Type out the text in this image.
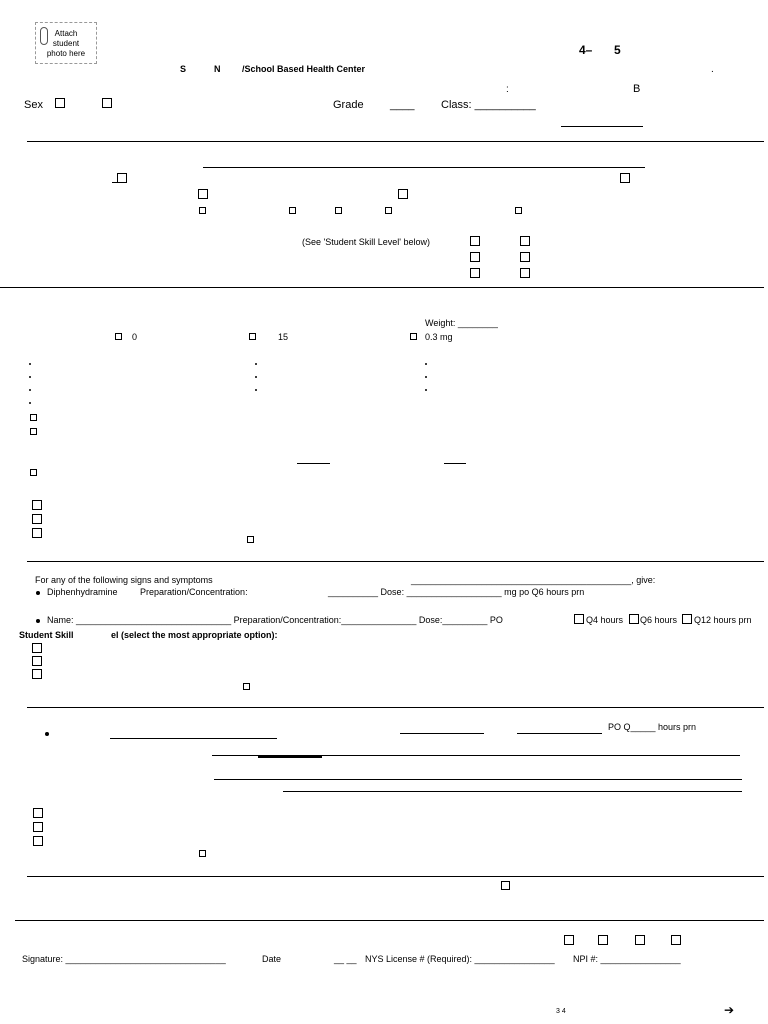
Attach
student
photo here	4– 5
S	N /School Based Health Center	.
:	B
Sex	Grade ____ Class: __________
(See 'Student Skill Level' below)
Weight: ________
0	15	0.3 mg
For any of the following signs and symptoms	____________________________________________, give:
Diphenhydramine Preparation/Concentration:	__________ Dose: ___________________ mg po Q6 hours prn
Name: _______________________________ Preparation/Concentration:_______________ Dose:_________ PO	Q4 hours Q6 hours Q12 hours prn
Student Skill	el (select the most appropriate option):
PO Q_____ hours prn
Signature: ________________________________	Date	__ __ NYS License # (Required): ________________ NPI #: ________________
3 4	➔
